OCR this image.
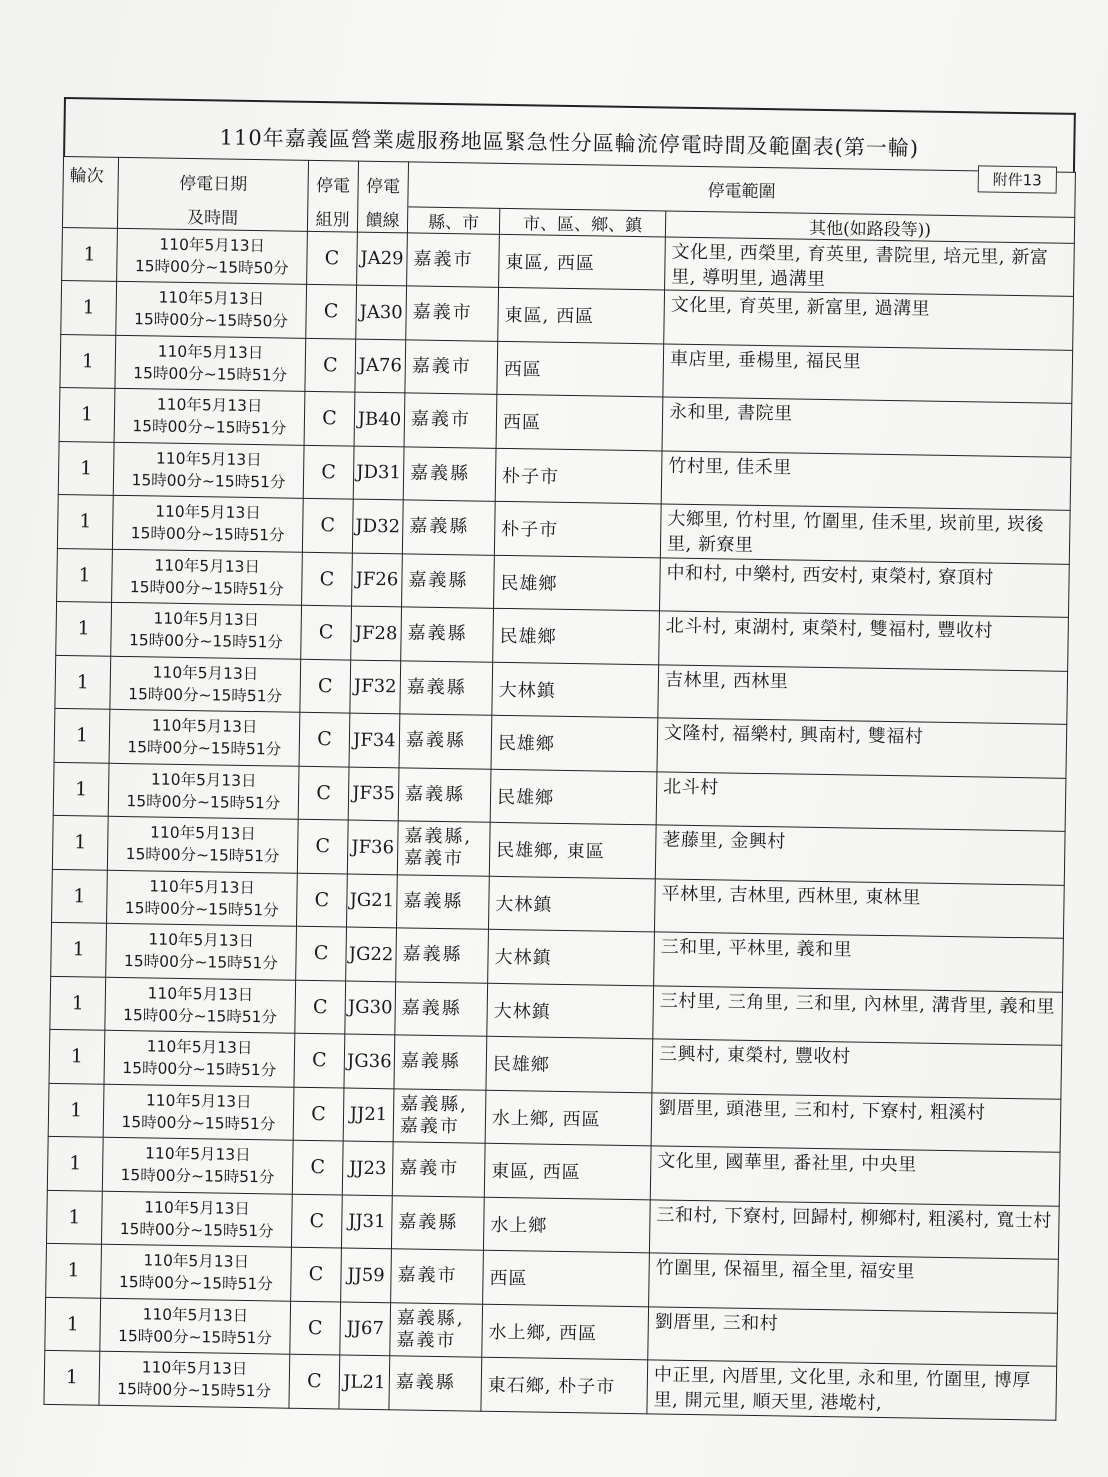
110年嘉義區營業處服務地區緊急性分區輪流停電時間及範圍表(第一輪)
附件13
輪次	停電日期	停電	停電	停電範圍		
	及時間	組別	饋線	縣、市	市、區、鄉、鎮	其他(如路段等))
1	110年5月13日
15時00分~15時50分	C	JA29	嘉義市	東區, 西區	文化里, 西榮里, 育英里, 書院里, 培元里, 新富里, 導明里, 過溝里
1	110年5月13日
15時00分~15時50分	C	JA30	嘉義市	東區, 西區	文化里, 育英里, 新富里, 過溝里
1	110年5月13日
15時00分~15時51分	C	JA76	嘉義市	西區	車店里, 垂楊里, 福民里
1	110年5月13日
15時00分~15時51分	C	JB40	嘉義市	西區	永和里, 書院里
1	110年5月13日
15時00分~15時51分	C	JD31	嘉義縣	朴子市	竹村里, 佳禾里
1	110年5月13日
15時00分~15時51分	C	JD32	嘉義縣	朴子市	大鄉里, 竹村里, 竹圍里, 佳禾里, 崁前里, 崁後里, 新寮里
1	110年5月13日
15時00分~15時51分	C	JF26	嘉義縣	民雄鄉	中和村, 中樂村, 西安村, 東榮村, 寮頂村
1	110年5月13日
15時00分~15時51分	C	JF28	嘉義縣	民雄鄉	北斗村, 東湖村, 東榮村, 雙福村, 豐收村
1	110年5月13日
15時00分~15時51分	C	JF32	嘉義縣	大林鎮	吉林里, 西林里
1	110年5月13日
15時00分~15時51分	C	JF34	嘉義縣	民雄鄉	文隆村, 福樂村, 興南村, 雙福村
1	110年5月13日
15時00分~15時51分	C	JF35	嘉義縣	民雄鄉	北斗村
1	110年5月13日
15時00分~15時51分	C	JF36	嘉義縣, 嘉義市	民雄鄉, 東區	荖藤里, 金興村
1	110年5月13日
15時00分~15時51分	C	JG21	嘉義縣	大林鎮	平林里, 吉林里, 西林里, 東林里
1	110年5月13日
15時00分~15時51分	C	JG22	嘉義縣	大林鎮	三和里, 平林里, 義和里
1	110年5月13日
15時00分~15時51分	C	JG30	嘉義縣	大林鎮	三村里, 三角里, 三和里, 內林里, 溝背里, 義和里
1	110年5月13日
15時00分~15時51分	C	JG36	嘉義縣	民雄鄉	三興村, 東榮村, 豐收村
1	110年5月13日
15時00分~15時51分	C	JJ21	嘉義縣, 嘉義市	水上鄉, 西區	劉厝里, 頭港里, 三和村, 下寮村, 粗溪村
1	110年5月13日
15時00分~15時51分	C	JJ23	嘉義市	東區, 西區	文化里, 國華里, 番社里, 中央里
1	110年5月13日
15時00分~15時51分	C	JJ31	嘉義縣	水上鄉	三和村, 下寮村, 回歸村, 柳鄉村, 粗溪村, 寬士村
1	110年5月13日
15時00分~15時51分	C	JJ59	嘉義市	西區	竹圍里, 保福里, 福全里, 福安里
1	110年5月13日
15時00分~15時51分	C	JJ67	嘉義縣, 嘉義市	水上鄉, 西區	劉厝里, 三和村
1	110年5月13日
15時00分~15時51分	C	JL21	嘉義縣	東石鄉, 朴子市	中正里, 內厝里, 文化里, 永和里, 竹圍里, 博厚里, 開元里, 順天里, 港墘村,
